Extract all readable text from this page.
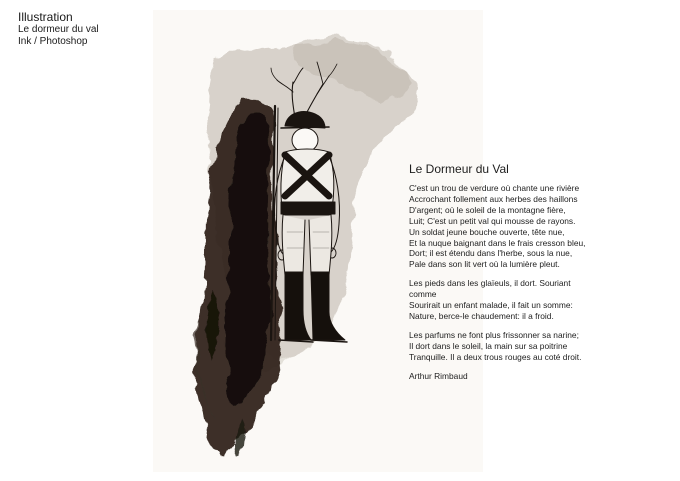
Illustration
Le dormeur du val
Ink / Photoshop
Le Dormeur du Val
C'est un trou de verdure où chante une rivière
Accrochant follement aux herbes des haillons
D'argent; où le soleil de la montagne fière,
Luit; C'est un petit val qui mousse de rayons.
Un soldat jeune bouche ouverte, tête nue,
Et la nuque baignant dans le frais cresson bleu,
Dort; il est étendu dans l'herbe, sous la nue,
Pale dans son lit vert où la lumière pleut.
Les pieds dans les glaïeuls, il dort. Souriant comme
Sourirait un enfant malade, il fait un somme:
Nature, berce-le chaudement: il a froid.
Les parfums ne font plus frissonner sa narine;
Il dort dans le soleil, la main sur sa poitrine
Tranquille. Il a deux trous rouges au coté droit.
Arthur Rimbaud
